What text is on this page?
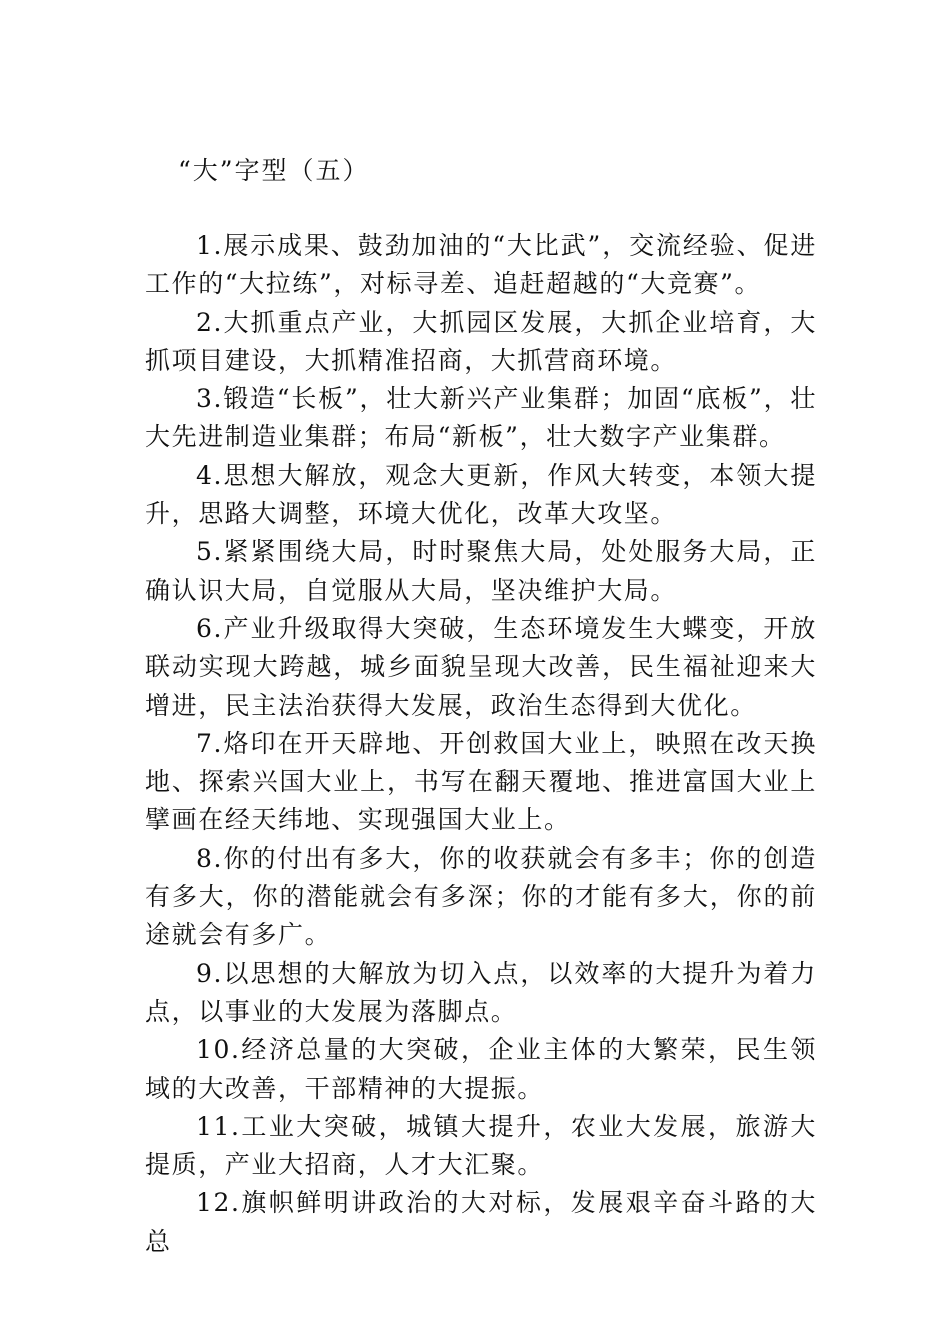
“大”字型（五）

1.展示成果、鼓劲加油的“大比武”，交流经验、促进工作的“大拉练”，对标寻差、追赶超越的“大竞赛”。

2.大抓重点产业，大抓园区发展，大抓企业培育，大抓项目建设，大抓精准招商，大抓营商环境。

3.锻造“长板”，壮大新兴产业集群；加固“底板”，壮大先进制造业集群；布局“新板”，壮大数字产业集群。

4.思想大解放，观念大更新，作风大转变，本领大提升，思路大调整，环境大优化，改革大攻坚。

5.紧紧围绕大局，时时聚焦大局，处处服务大局，正确认识大局，自觉服从大局，坚决维护大局。

6.产业升级取得大突破，生态环境发生大蝶变，开放联动实现大跨越，城乡面貌呈现大改善，民生福祉迎来大增进，民主法治获得大发展，政治生态得到大优化。

7.烙印在开天辟地、开创救国大业上，映照在改天换地、探索兴国大业上，书写在翻天覆地、推进富国大业上擘画在经天纬地、实现强国大业上。

8.你的付出有多大，你的收获就会有多丰；你的创造有多大，你的潜能就会有多深；你的才能有多大，你的前途就会有多广。

9.以思想的大解放为切入点，以效率的大提升为着力点，以事业的大发展为落脚点。

10.经济总量的大突破，企业主体的大繁荣，民生领域的大改善，干部精神的大提振。

11.工业大突破，城镇大提升，农业大发展，旅游大提质，产业大招商，人才大汇聚。

12.旗帜鲜明讲政治的大对标，发展艰辛奋斗路的大总
